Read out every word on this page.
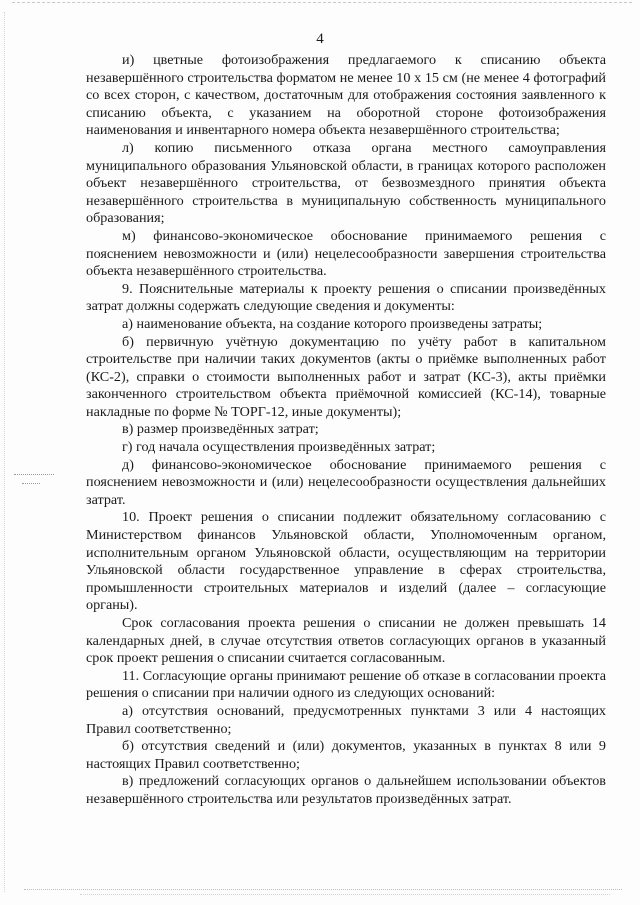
4

и) цветные фотоизображения предлагаемого к списанию объекта незавершённого строительства форматом не менее 10 х 15 см (не менее 4 фотографий со всех сторон, с качеством, достаточным для отображения состояния заявленного к списанию объекта, с указанием на оборотной стороне фотоизображения наименования и инвентарного номера объекта незавершённого строительства;

л) копию письменного отказа органа местного самоуправления муниципального образования Ульяновской области, в границах которого расположен объект незавершённого строительства, от безвозмездного принятия объекта незавершённого строительства в муниципальную собственность муниципального образования;

м) финансово-экономическое обоснование принимаемого решения с пояснением невозможности и (или) нецелесообразности завершения строительства объекта незавершённого строительства.

9. Пояснительные материалы к проекту решения о списании произведённых затрат должны содержать следующие сведения и документы:

а) наименование объекта, на создание которого произведены затраты;

б) первичную учётную документацию по учёту работ в капитальном строительстве при наличии таких документов (акты о приёмке выполненных работ (КС-2), справки о стоимости выполненных работ и затрат (КС-3), акты приёмки законченного строительством объекта приёмочной комиссией (КС-14), товарные накладные по форме № ТОРГ-12, иные документы);

в) размер произведённых затрат;

г) год начала осуществления произведённых затрат;

д) финансово-экономическое обоснование принимаемого решения с пояснением невозможности и (или) нецелесообразности осуществления дальнейших затрат.

10. Проект решения о списании подлежит обязательному согласованию с Министерством финансов Ульяновской области, Уполномоченным органом, исполнительным органом Ульяновской области, осуществляющим на территории Ульяновской области государственное управление в сферах строительства, промышленности строительных материалов и изделий (далее – согласующие органы).

Срок согласования проекта решения о списании не должен превышать 14 календарных дней, в случае отсутствия ответов согласующих органов в указанный срок проект решения о списании считается согласованным.

11. Согласующие органы принимают решение об отказе в согласовании проекта решения о списании при наличии одного из следующих оснований:

а) отсутствия оснований, предусмотренных пунктами 3 или 4 настоящих Правил соответственно;

б) отсутствия сведений и (или) документов, указанных в пунктах 8 или 9 настоящих Правил соответственно;

в) предложений согласующих органов о дальнейшем использовании объектов незавершённого строительства или результатов произведённых затрат.
